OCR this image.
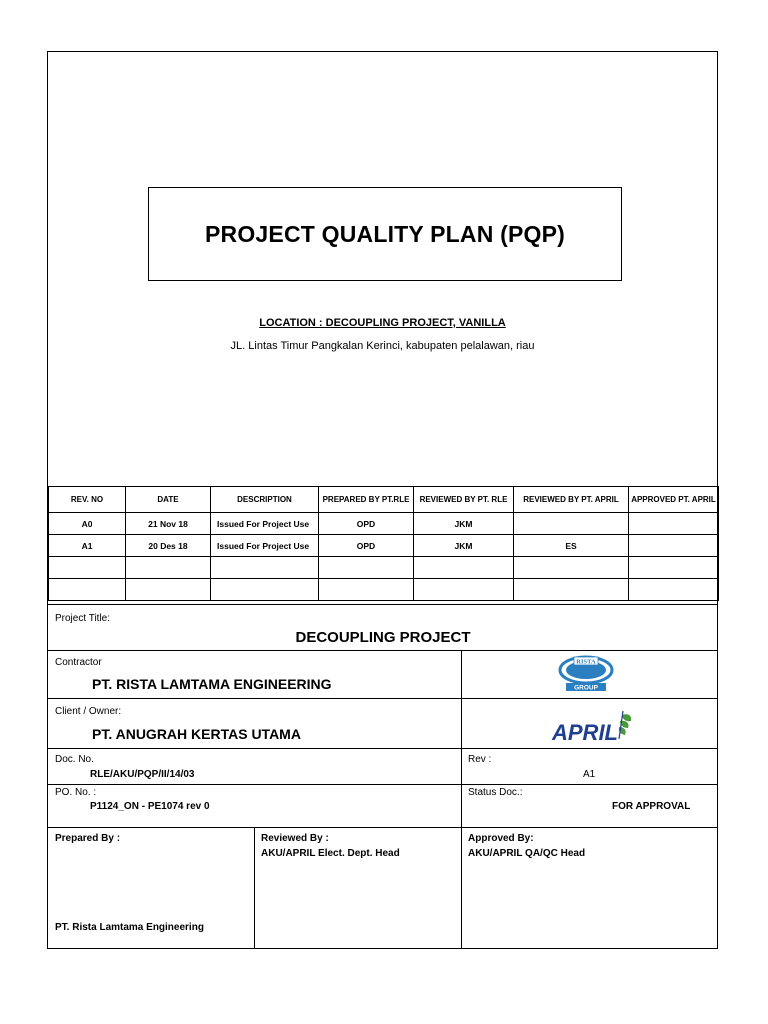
PROJECT QUALITY PLAN (PQP)
LOCATION : DECOUPLING PROJECT, VANILLA
JL. Lintas Timur Pangkalan Kerinci, kabupaten pelalawan, riau
REV. NO	DATE	DESCRIPTION	PREPARED BY PT.RLE	REVIEWED BY PT. RLE	REVIEWED BY PT. APRIL	APPROVED PT. APRIL
A0	21 Nov 18	Issued For Project Use	OPD	JKM		
A1	20 Des 18	Issued For Project Use	OPD	JKM	ES	

Project Title:
DECOUPLING PROJECT
Contractor
PT. RISTA LAMTAMA ENGINEERING
Client / Owner:
PT. ANUGRAH KERTAS UTAMA
Doc. No.
RLE/AKU/PQP/II/14/03
Rev :
A1
PO. No. :
P1124_ON - PE1074 rev 0
Status Doc.:
FOR APPROVAL
Prepared By :
PT. Rista Lamtama Engineering
Reviewed By :
AKU/APRIL Elect. Dept. Head
Approved By:
AKU/APRIL QA/QC Head
RISTA
GROUP
APRIL
